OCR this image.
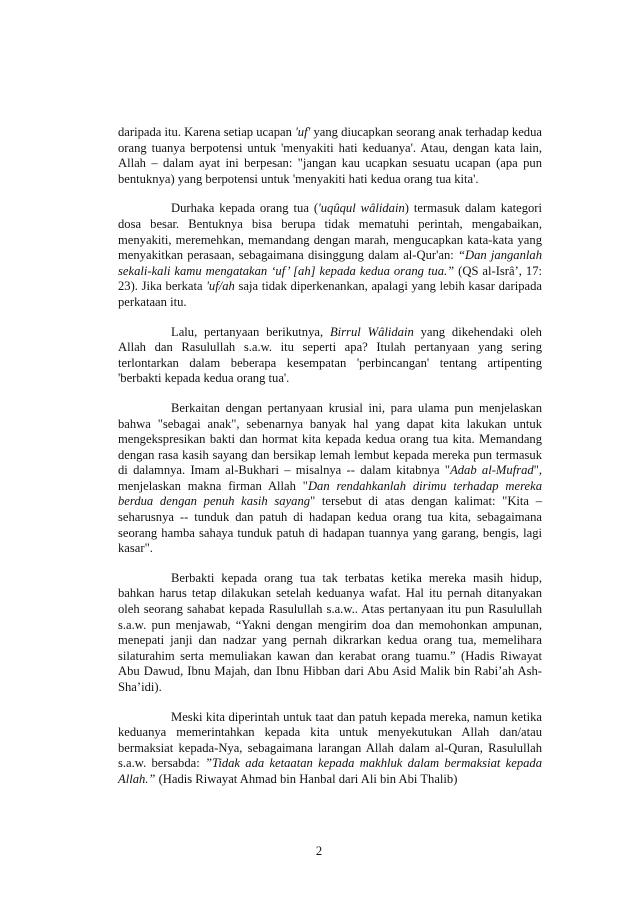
daripada itu. Karena setiap ucapan 'uf' yang diucapkan seorang anak terhadap kedua orang tuanya berpotensi untuk 'menyakiti hati keduanya'. Atau, dengan kata lain, Allah – dalam ayat ini berpesan: "jangan kau ucapkan sesuatu ucapan (apa pun bentuknya) yang berpotensi untuk 'menyakiti hati kedua orang tua kita'.

Durhaka kepada orang tua ('uqûqul wâlidain) termasuk dalam kategori dosa besar. Bentuknya bisa berupa tidak mematuhi perintah, mengabaikan, menyakiti, meremehkan, memandang dengan marah, mengucapkan kata-kata yang menyakitkan perasaan, sebagaimana disinggung dalam al-Qur'an: “Dan janganlah sekali-kali kamu mengatakan ‘uf’ [ah] kepada kedua orang tua.” (QS al-Isrâ’, 17: 23). Jika berkata 'uf/ah saja tidak diperkenankan, apalagi yang lebih kasar daripada perkataan itu.

Lalu, pertanyaan berikutnya, Birrul Wâlidain yang dikehendaki oleh Allah dan Rasulullah s.a.w. itu seperti apa? Itulah pertanyaan yang sering terlontarkan dalam beberapa kesempatan 'perbincangan' tentang artipenting 'berbakti kepada kedua orang tua'.

Berkaitan dengan pertanyaan krusial ini, para ulama pun menjelaskan bahwa "sebagai anak", sebenarnya banyak hal yang dapat kita lakukan untuk mengekspresikan bakti dan hormat kita kepada kedua orang tua kita. Memandang dengan rasa kasih sayang dan bersikap lemah lembut kepada mereka pun termasuk di dalamnya. Imam al-Bukhari – misalnya -- dalam kitabnya "Adab al-Mufrad", menjelaskan makna firman Allah "Dan rendahkanlah dirimu terhadap mereka berdua dengan penuh kasih sayang" tersebut di atas dengan kalimat: "Kita – seharusnya -- tunduk dan patuh di hadapan kedua orang tua kita, sebagaimana seorang hamba sahaya tunduk patuh di hadapan tuannya yang garang, bengis, lagi kasar".

Berbakti kepada orang tua tak terbatas ketika mereka masih hidup, bahkan harus tetap dilakukan setelah keduanya wafat. Hal itu pernah ditanyakan oleh seorang sahabat kepada Rasulullah s.a.w.. Atas pertanyaan itu pun Rasulullah s.a.w. pun menjawab, “Yakni dengan mengirim doa dan memohonkan ampunan, menepati janji dan nadzar yang pernah dikrarkan kedua orang tua, memelihara silaturahim serta memuliakan kawan dan kerabat orang tuamu.” (Hadis Riwayat Abu Dawud, Ibnu Majah, dan Ibnu Hibban dari Abu Asid Malik bin Rabi’ah Ash-Sha’idi).

Meski kita diperintah untuk taat dan patuh kepada mereka, namun ketika keduanya memerintahkan kepada kita untuk menyekutukan Allah dan/atau bermaksiat kepada-Nya, sebagaimana larangan Allah dalam al-Quran, Rasulullah s.a.w. bersabda: ”Tidak ada ketaatan kepada makhluk dalam bermaksiat kepada Allah.” (Hadis Riwayat Ahmad bin Hanbal dari Ali bin Abi Thalib)

2
